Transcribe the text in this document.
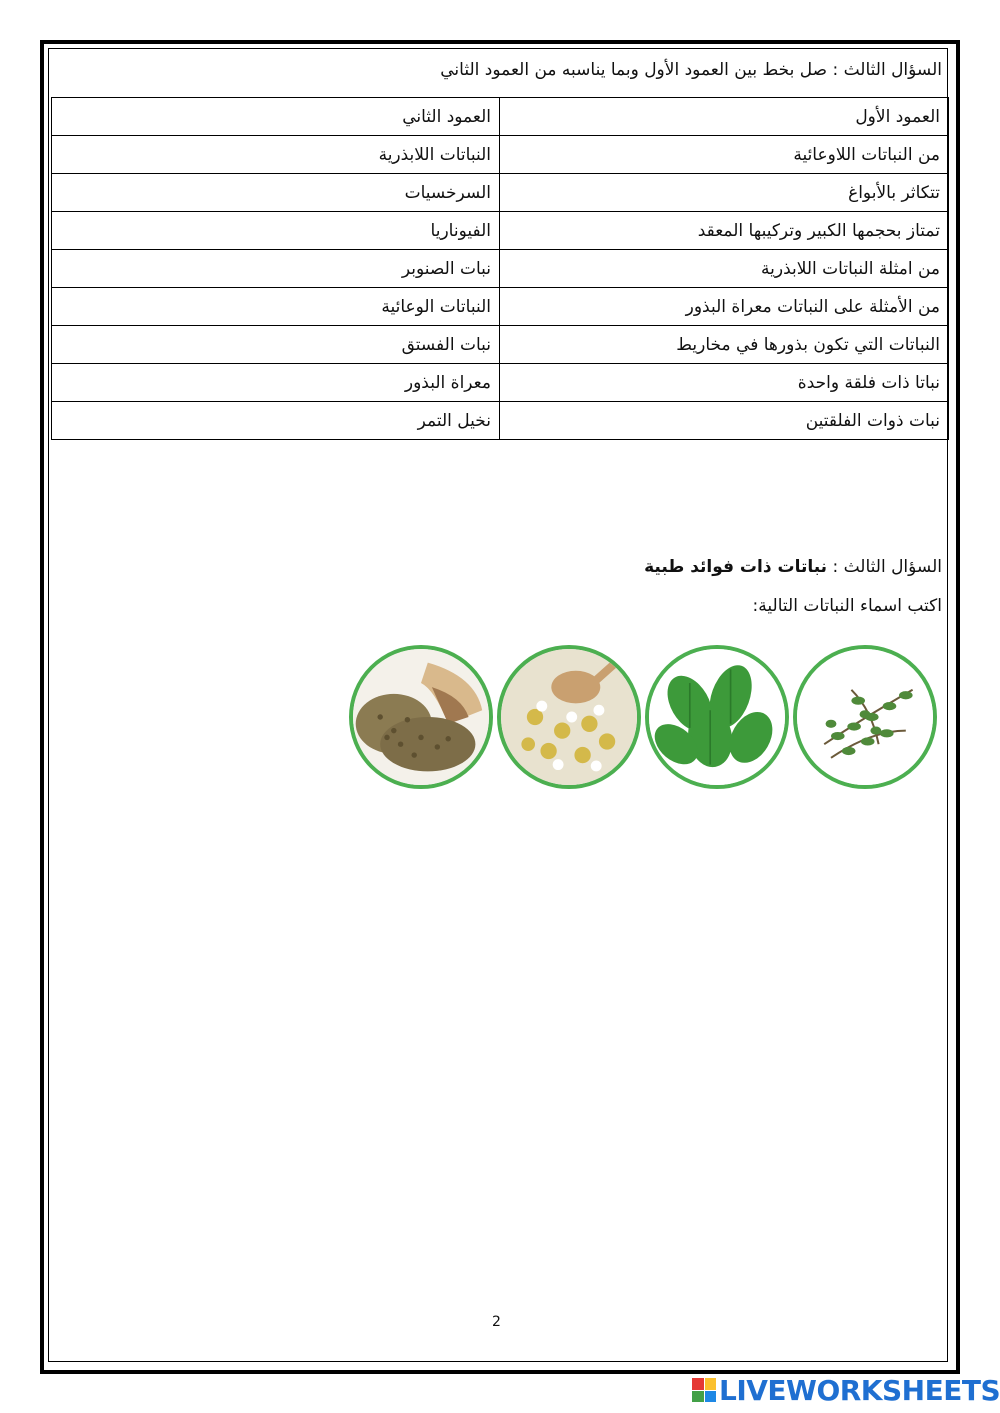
السؤال الثالث : صل بخط بين العمود الأول وبما يناسبه من العمود الثاني
العمود الأول	العمود الثاني
من النباتات اللاوعائية	النباتات اللابذرية
تتكاثر بالأبواغ	السرخسيات
تمتاز بحجمها الكبير وتركيبها المعقد	الفيوناريا
من امثلة النباتات اللابذرية	نبات الصنوبر
من الأمثلة على النباتات معراة البذور	النباتات الوعائية
النباتات التي تكون بذورها في مخاريط	نبات الفستق
نباتا ذات فلقة واحدة	معراة البذور
نبات ذوات الفلقتين	نخيل التمر
السؤال الثالث : نباتات ذات فوائد طبية
اكتب اسماء النباتات التالية:
2
LIVEWORKSHEETS
